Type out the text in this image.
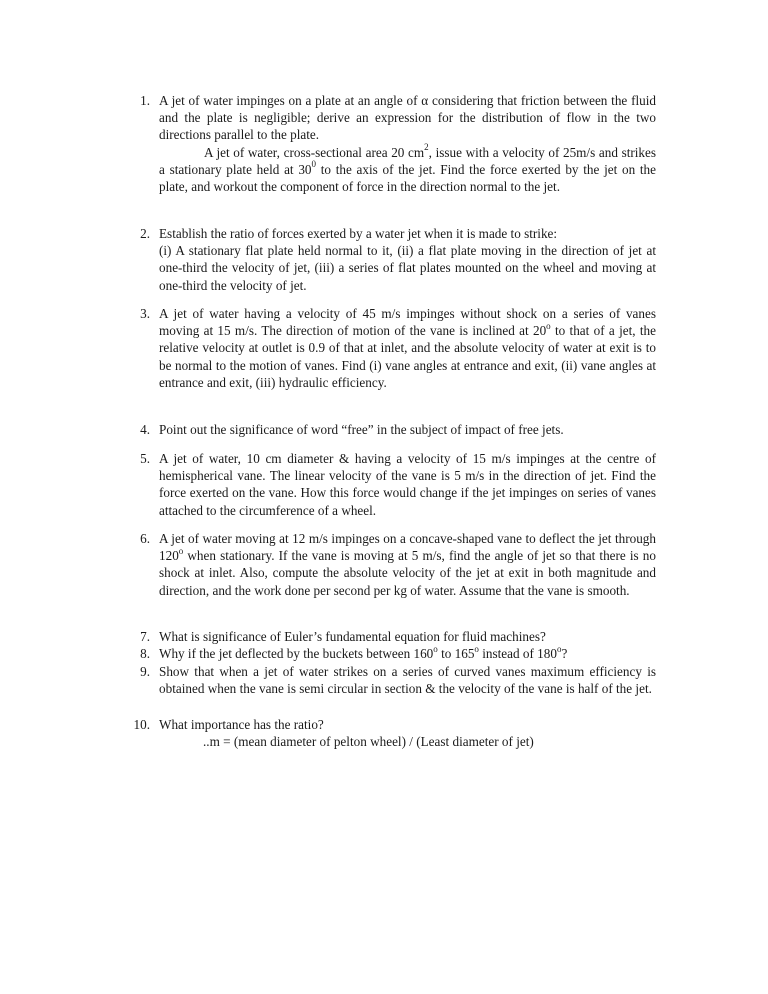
1. A jet of water impinges on a plate at an angle of α considering that friction between the fluid and the plate is negligible; derive an expression for the distribution of flow in the two directions parallel to the plate.

A jet of water, cross-sectional area 20 $cm^2$, issue with a velocity of 25m/s and strikes a stationary plate held at $30^0$ to the axis of the jet. Find the force exerted by the jet on the plate, and workout the component of force in the direction normal to the jet.

2. Establish the ratio of forces exerted by a water jet when it is made to strike:

(i) A stationary flat plate held normal to it, (ii) a flat plate moving in the direction of jet at one-third the velocity of jet, (iii) a series of flat plates mounted on the wheel and moving at one-third the velocity of jet.

3. A jet of water having a velocity of 45 m/s impinges without shock on a series of vanes moving at 15 m/s. The direction of motion of the vane is inclined at 20$^o$ to that of a jet, the relative velocity at outlet is 0.9 of that at inlet, and the absolute velocity of water at exit is to be normal to the motion of vanes. Find (i) vane angles at entrance and exit, (ii) vane angles at entrance and exit, (iii) hydraulic efficiency.

4. Point out the significance of word “free” in the subject of impact of free jets.

5. A jet of water, 10 cm diameter & having a velocity of 15 m/s impinges at the centre of hemispherical vane. The linear velocity of the vane is 5 m/s in the direction of jet. Find the force exerted on the vane. How this force would change if the jet impinges on series of vanes attached to the circumference of a wheel.

6. A jet of water moving at 12 m/s impinges on a concave-shaped vane to deflect the jet through 120$^o$ when stationary. If the vane is moving at 5 m/s, find the angle of jet so that there is no shock at inlet. Also, compute the absolute velocity of the jet at exit in both magnitude and direction, and the work done per second per kg of water. Assume that the vane is smooth.

7. What is significance of Euler’s fundamental equation for fluid machines?

8. Why if the jet deflected by the buckets between 160$^o$ to 165$^o$ instead of 180$^o$?

9. Show that when a jet of water strikes on a series of curved vanes maximum efficiency is obtained when the vane is semi circular in section & the velocity of the vane is half of the jet.

10. What importance has the ratio?

..m = (mean diameter of pelton wheel) / (Least diameter of jet)
